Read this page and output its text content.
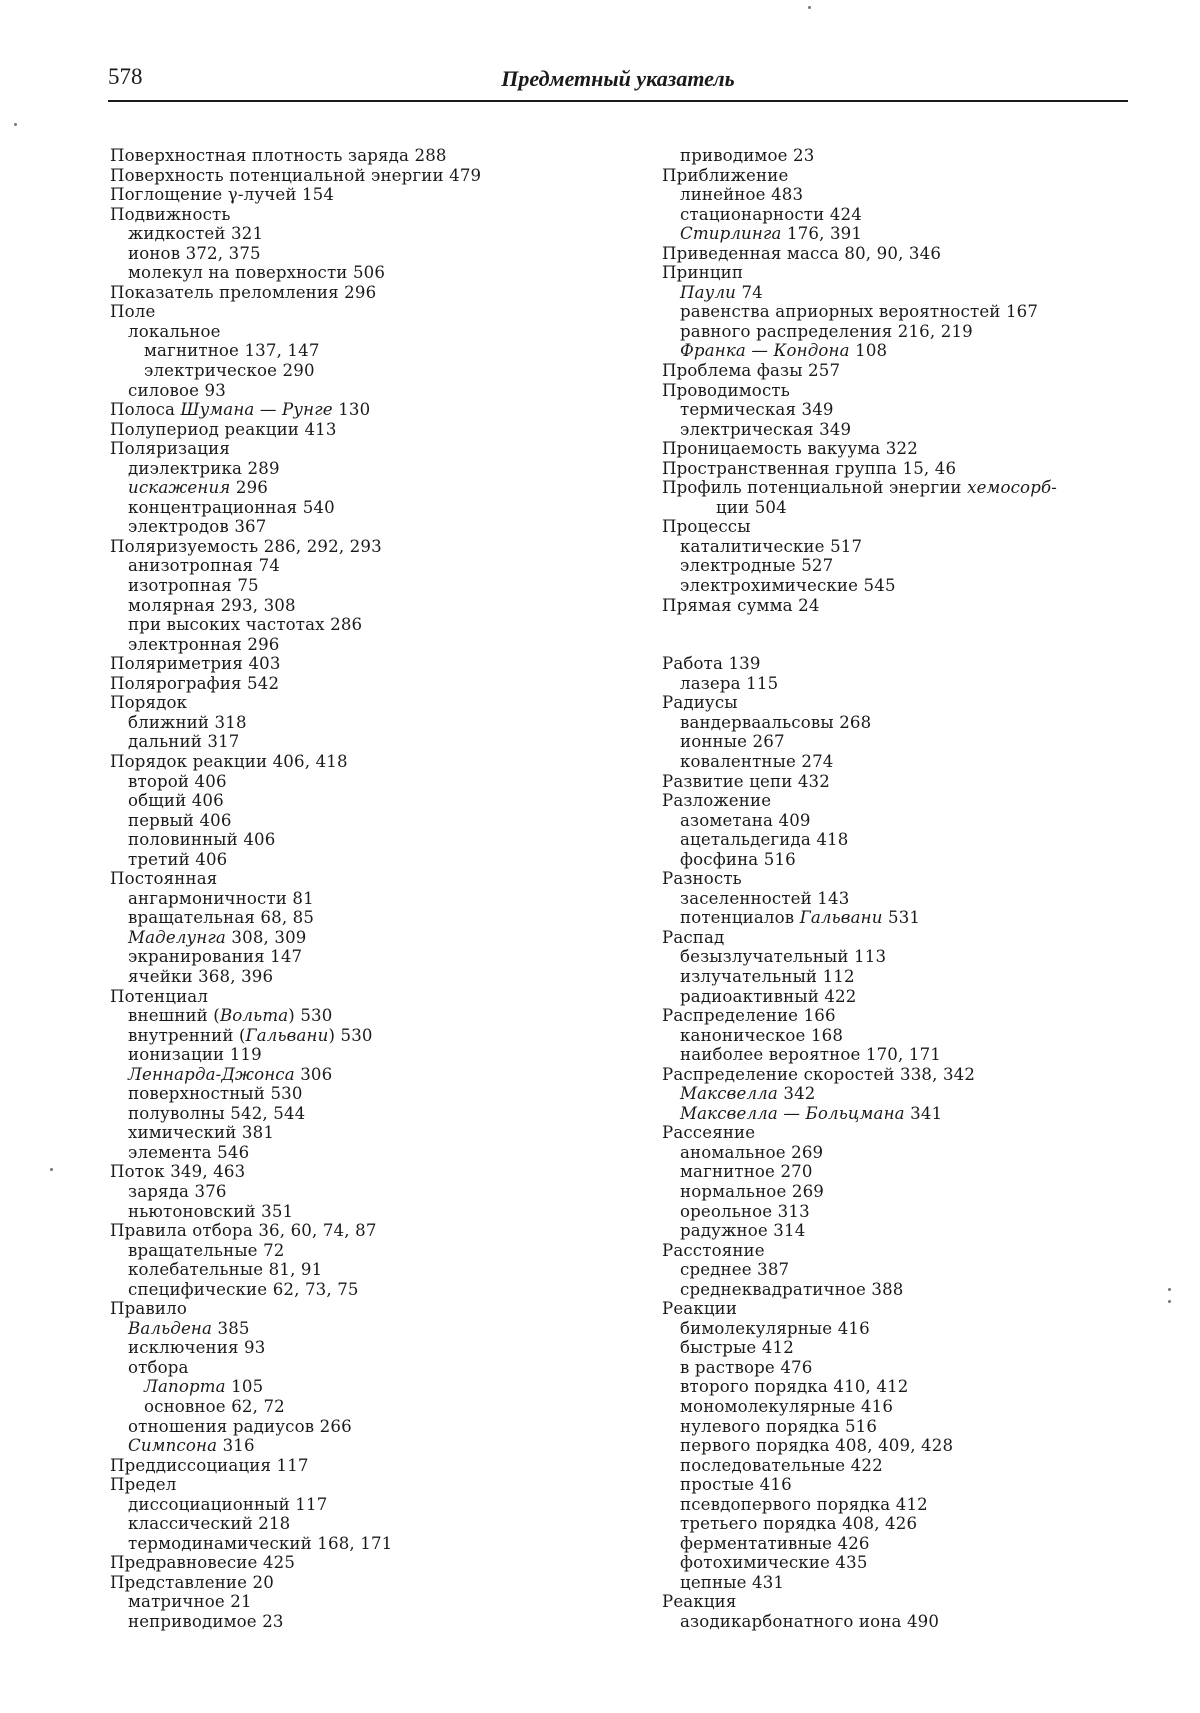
578	Предметный указатель
Поверхностная плотность заряда 288
Поверхность потенциальной энергии 479
Поглощение γ-лучей 154
Подвижность
жидкостей 321
ионов 372, 375
молекул на поверхности 506
Показатель преломления 296
Поле
локальное
магнитное 137, 147
электрическое 290
силовое 93
Полоса Шумана — Рунге 130
Полупериод реакции 413
Поляризация
диэлектрика 289
искажения 296
концентрационная 540
электродов 367
Поляризуемость 286, 292, 293
анизотропная 74
изотропная 75
молярная 293, 308
при высоких частотах 286
электронная 296
Поляриметрия 403
Полярография 542
Порядок
ближний 318
дальний 317
Порядок реакции 406, 418
второй 406
общий 406
первый 406
половинный 406
третий 406
Постоянная
ангармоничности 81
вращательная 68, 85
Маделунга 308, 309
экранирования 147
ячейки 368, 396
Потенциал
внешний (Вольта) 530
внутренний (Гальвани) 530
ионизации 119
Леннарда-Джонса 306
поверхностный 530
полуволны 542, 544
химический 381
элемента 546
Поток 349, 463
заряда 376
ньютоновский 351
Правила отбора 36, 60, 74, 87
вращательные 72
колебательные 81, 91
специфические 62, 73, 75
Правило
Вальдена 385
исключения 93
отбора
Лапорта 105
основное 62, 72
отношения радиусов 266
Симпсона 316
Преддиссоциация 117
Предел
диссоциационный 117
классический 218
термодинамический 168, 171
Предравновесие 425
Представление 20
матричное 21
неприводимое 23
приводимое 23
Приближение
линейное 483
стационарности 424
Стирлинга 176, 391
Приведенная масса 80, 90, 346
Принцип
Паули 74
равенства априорных вероятностей 167
равного распределения 216, 219
Франка — Кондона 108
Проблема фазы 257
Проводимость
термическая 349
электрическая 349
Проницаемость вакуума 322
Пространственная группа 15, 46
Профиль потенциальной энергии хемосорб-
ции 504
Процессы
каталитические 517
электродные 527
электрохимические 545
Прямая сумма 24
Работа 139
лазера 115
Радиусы
вандерваальсовы 268
ионные 267
ковалентные 274
Развитие цепи 432
Разложение
азометана 409
ацетальдегида 418
фосфина 516
Разность
заселенностей 143
потенциалов Гальвани 531
Распад
безызлучательный 113
излучательный 112
радиоактивный 422
Распределение 166
каноническое 168
наиболее вероятное 170, 171
Распределение скоростей 338, 342
Максвелла 342
Максвелла — Больцмана 341
Рассеяние
аномальное 269
магнитное 270
нормальное 269
ореольное 313
радужное 314
Расстояние
среднее 387
среднеквадратичное 388
Реакции
бимолекулярные 416
быстрые 412
в растворе 476
второго порядка 410, 412
мономолекулярные 416
нулевого порядка 516
первого порядка 408, 409, 428
последовательные 422
простые 416
псевдопервого порядка 412
третьего порядка 408, 426
ферментативные 426
фотохимические 435
цепные 431
Реакция
азодикарбонатного иона 490
